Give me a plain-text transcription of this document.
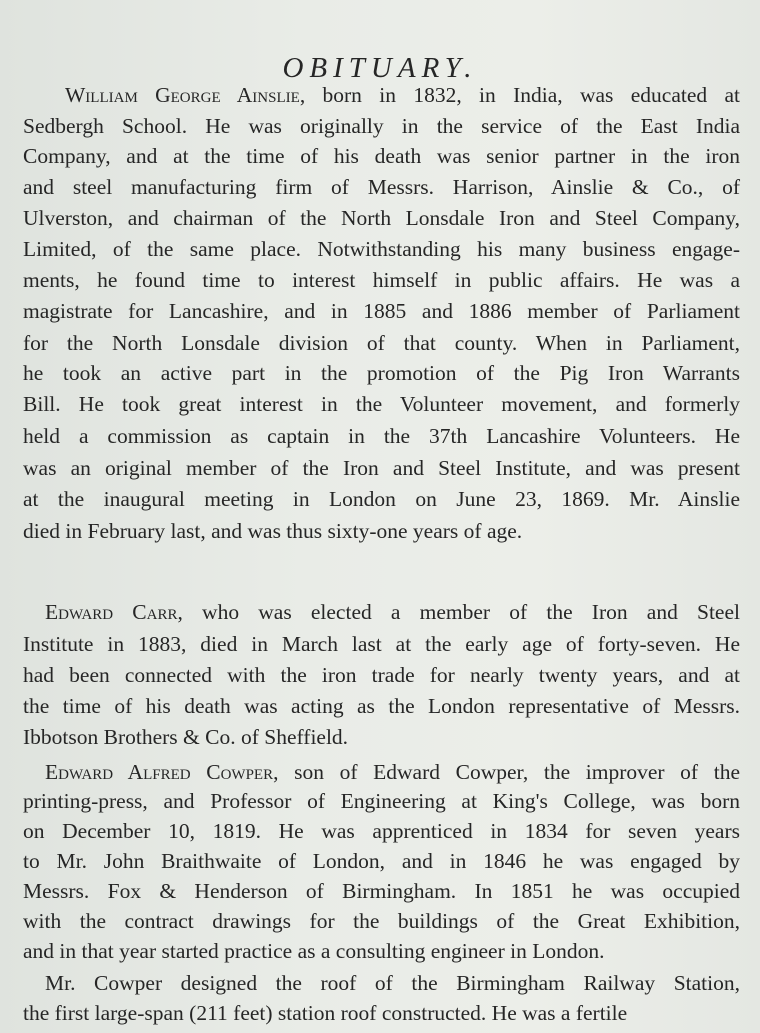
OBITUARY.
William George Ainslie, born in 1832, in India, was educated at
Sedbergh School. He was originally in the service of the East India
Company, and at the time of his death was senior partner in the iron
and steel manufacturing firm of Messrs. Harrison, Ainslie & Co., of
Ulverston, and chairman of the North Lonsdale Iron and Steel Company,
Limited, of the same place. Notwithstanding his many business engage-
ments, he found time to interest himself in public affairs. He was a
magistrate for Lancashire, and in 1885 and 1886 member of Parliament
for the North Lonsdale division of that county. When in Parliament,
he took an active part in the promotion of the Pig Iron Warrants
Bill. He took great interest in the Volunteer movement, and formerly
held a commission as captain in the 37th Lancashire Volunteers. He
was an original member of the Iron and Steel Institute, and was present
at the inaugural meeting in London on June 23, 1869. Mr. Ainslie
died in February last, and was thus sixty-one years of age.
Edward Carr, who was elected a member of the Iron and Steel
Institute in 1883, died in March last at the early age of forty-seven. He
had been connected with the iron trade for nearly twenty years, and at
the time of his death was acting as the London representative of Messrs.
Ibbotson Brothers & Co. of Sheffield.
Edward Alfred Cowper, son of Edward Cowper, the improver of the
printing-press, and Professor of Engineering at King's College, was born
on December 10, 1819. He was apprenticed in 1834 for seven years
to Mr. John Braithwaite of London, and in 1846 he was engaged by
Messrs. Fox & Henderson of Birmingham. In 1851 he was occupied
with the contract drawings for the buildings of the Great Exhibition,
and in that year started practice as a consulting engineer in London.
Mr. Cowper designed the roof of the Birmingham Railway Station,
the first large-span (211 feet) station roof constructed. He was a fertile
